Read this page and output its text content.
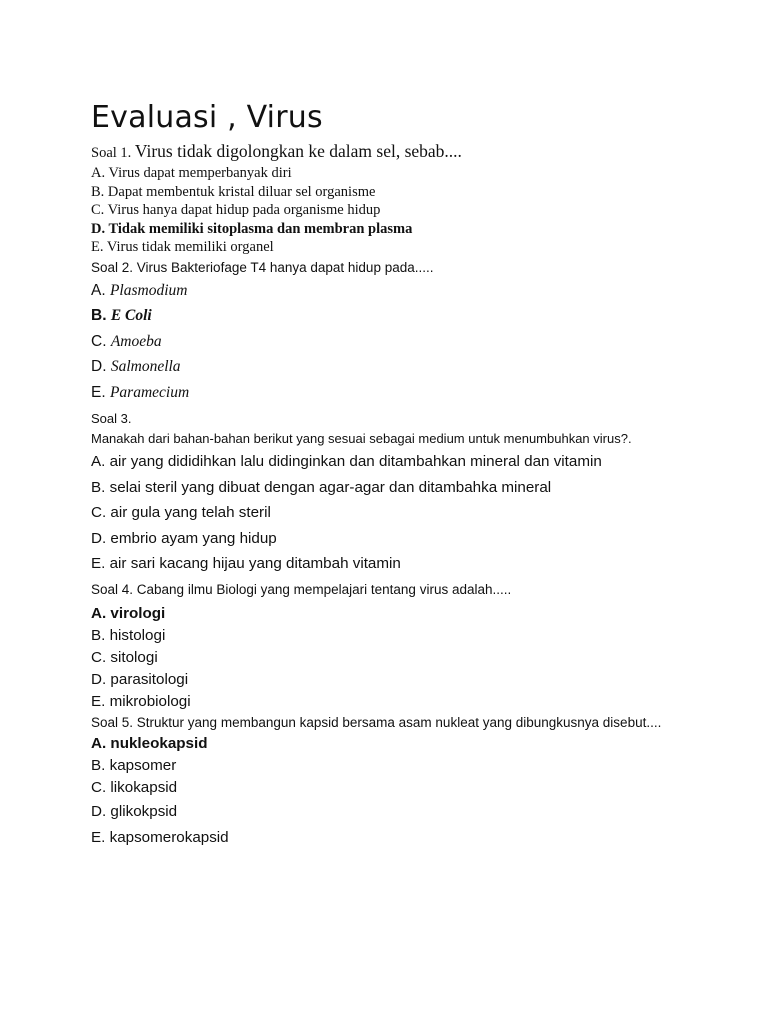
Evaluasi , Virus
Soal 1. Virus tidak digolongkan ke dalam sel, sebab....
A. Virus dapat memperbanyak diri
B. Dapat membentuk kristal diluar sel organisme
C. Virus hanya dapat hidup pada organisme hidup
D. Tidak memiliki sitoplasma dan membran plasma
E. Virus tidak memiliki organel
Soal 2. Virus Bakteriofage T4 hanya dapat hidup pada.....
A. Plasmodium
B. E Coli
C. Amoeba
D. Salmonella
E. Paramecium
Soal 3.
Manakah dari bahan-bahan berikut yang sesuai sebagai medium untuk menumbuhkan virus?.
A. air yang dididihkan lalu didinginkan dan ditambahkan mineral dan vitamin
B. selai steril yang dibuat dengan agar-agar dan ditambahka mineral
C. air gula yang telah steril
D. embrio ayam yang hidup
E. air sari kacang hijau yang ditambah vitamin
Soal 4. Cabang ilmu Biologi yang mempelajari tentang virus adalah.....
A. virologi
B. histologi
C. sitologi
D. parasitologi
E. mikrobiologi
Soal 5. Struktur yang membangun kapsid bersama asam nukleat yang dibungkusnya disebut....
A. nukleokapsid
B. kapsomer
C. likokapsid
D. glikokpsid
E. kapsomerokapsid
